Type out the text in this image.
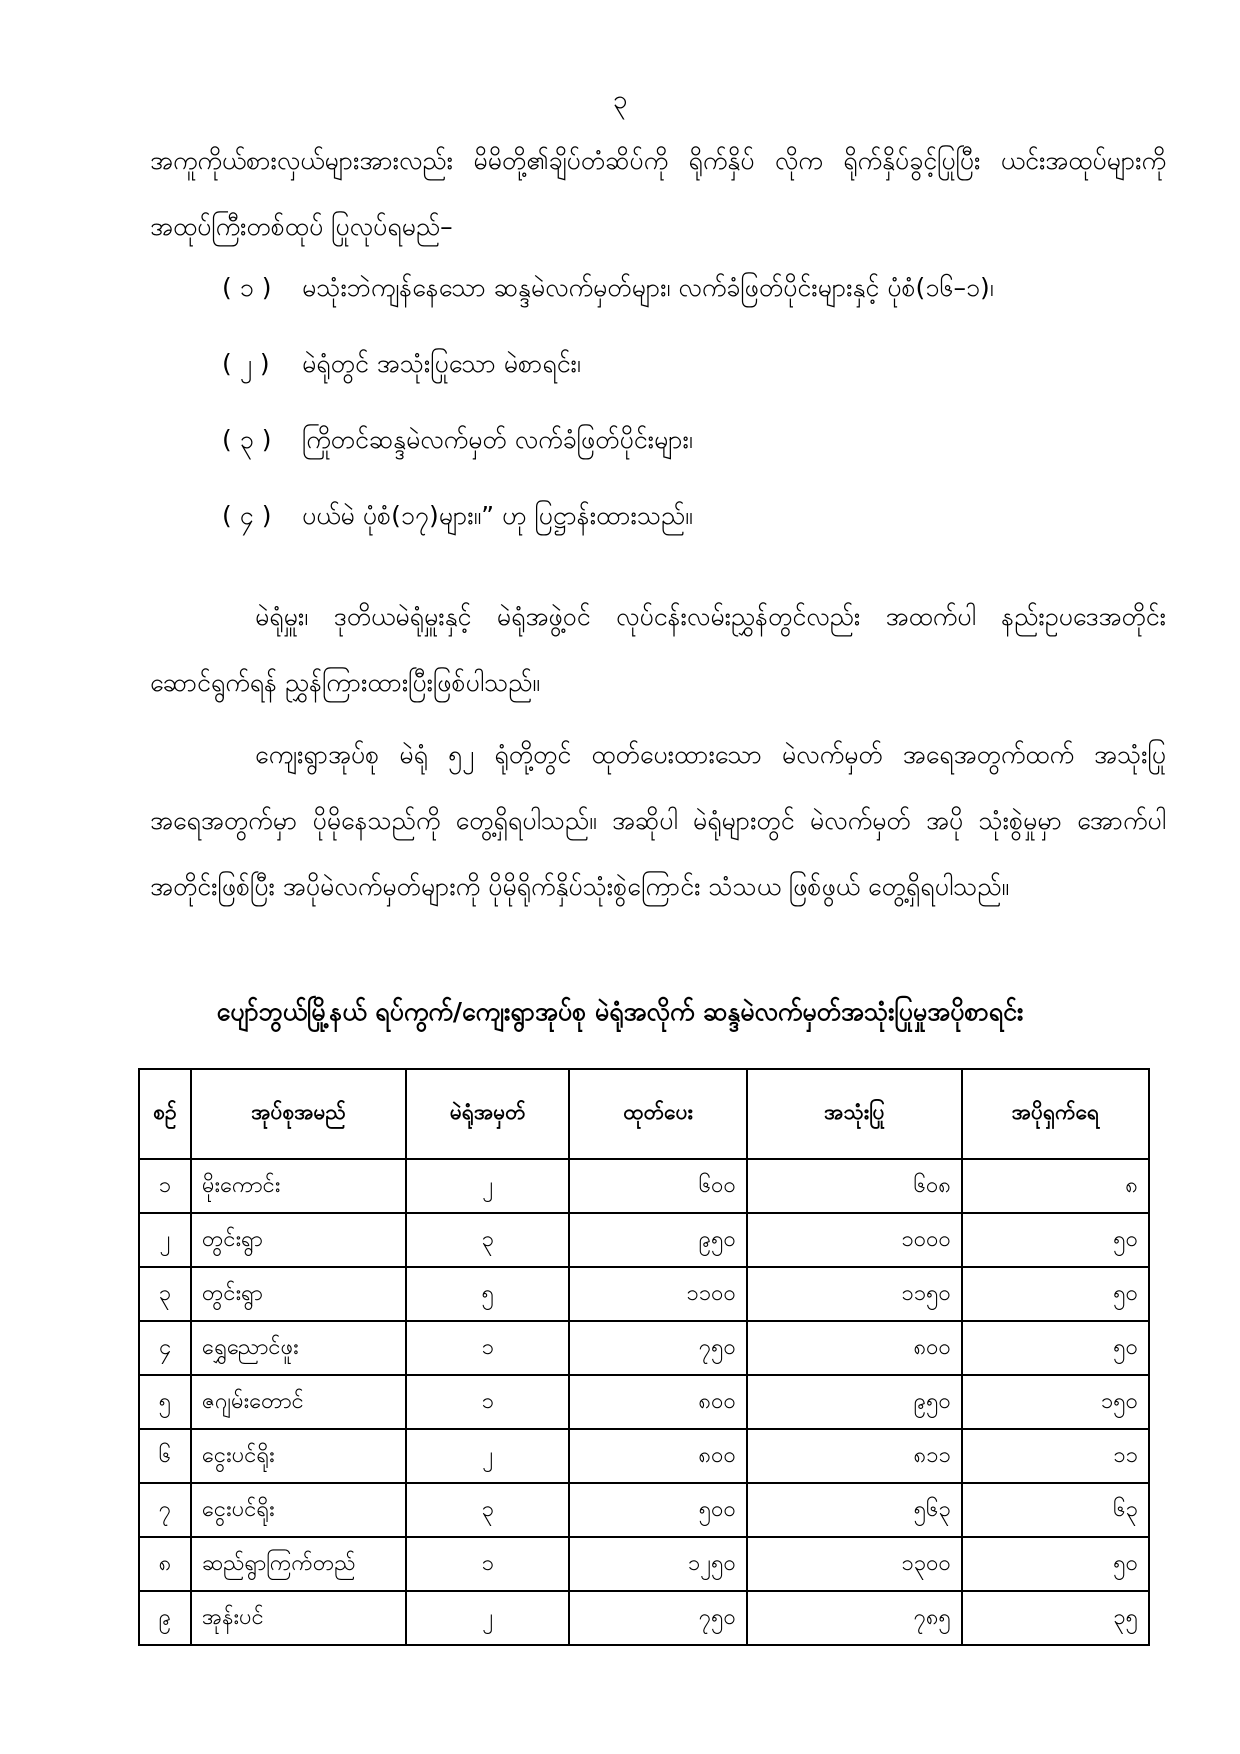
၃

အကူကိုယ်စားလှယ်များအားလည်း မိမိတို့၏ချိပ်တံဆိပ်ကို ရိုက်နှိပ် လိုက ရိုက်နှိပ်ခွင့်ပြုပြီး ယင်းအထုပ်များကို အထုပ်ကြီးတစ်ထုပ် ပြုလုပ်ရမည်–

( ၁ )	မသုံးဘဲကျန်နေသော ဆန္ဒမဲလက်မှတ်များ၊ လက်ခံဖြတ်ပိုင်းများနှင့် ပုံစံ(၁၆–၁)၊
( ၂ )	မဲရုံတွင် အသုံးပြုသော မဲစာရင်း၊
( ၃ )	ကြိုတင်ဆန္ဒမဲလက်မှတ် လက်ခံဖြတ်ပိုင်းများ၊
( ၄ )	ပယ်မဲ ပုံစံ(၁၇)များ။” ဟု ပြဋ္ဌာန်းထားသည်။

မဲရုံမှူး၊ ဒုတိယမဲရုံမှူးနှင့် မဲရုံအဖွဲ့ဝင် လုပ်ငန်းလမ်းညွှန်တွင်လည်း အထက်ပါ နည်းဥပဒေအတိုင်း ဆောင်ရွက်ရန် ညွှန်ကြားထားပြီးဖြစ်ပါသည်။

ကျေးရွာအုပ်စု မဲရုံ ၅၂ ရုံတို့တွင် ထုတ်ပေးထားသော မဲလက်မှတ် အရေအတွက်ထက် အသုံးပြုအရေအတွက်မှာ ပိုမိုနေသည်ကို တွေ့ရှိရပါသည်။ အဆိုပါ မဲရုံများတွင် မဲလက်မှတ် အပို သုံးစွဲမှုမှာ အောက်ပါအတိုင်းဖြစ်ပြီး အပိုမဲလက်မှတ်များကို ပိုမိုရိုက်နှိပ်သုံးစွဲကြောင်း သံသယ ဖြစ်ဖွယ် တွေ့ရှိရပါသည်။

ပျော်ဘွယ်မြို့နယ် ရပ်ကွက်/ကျေးရွာအုပ်စု မဲရုံအလိုက် ဆန္ဒမဲလက်မှတ်အသုံးပြုမှုအပိုစာရင်း
စဉ်	အုပ်စုအမည်	မဲရုံအမှတ်	ထုတ်ပေး	အသုံးပြု	အပိုရှက်ရေ
၁	မိုးကောင်း	၂	၆၀၀	၆၀၈	၈
၂	တွင်းရွာ	၃	၉၅၀	၁၀၀၀	၅၀
၃	တွင်းရွာ	၅	၁၁၀၀	၁၁၅၀	၅၀
၄	ရွှေညောင်ဖူး	၁	၇၅၀	၈၀၀	၅၀
၅	ဇဂျမ်းတောင်	၁	၈၀၀	၉၅၀	၁၅၀
၆	ငွေးပင်ရိုး	၂	၈၀၀	၈၁၁	၁၁
၇	ငွေးပင်ရိုး	၃	၅၀၀	၅၆၃	၆၃
၈	ဆည်ရွာကြက်တည်	၁	၁၂၅၀	၁၃၀၀	၅၀
၉	အုန်းပင်	၂	၇၅၀	၇၈၅	၃၅
